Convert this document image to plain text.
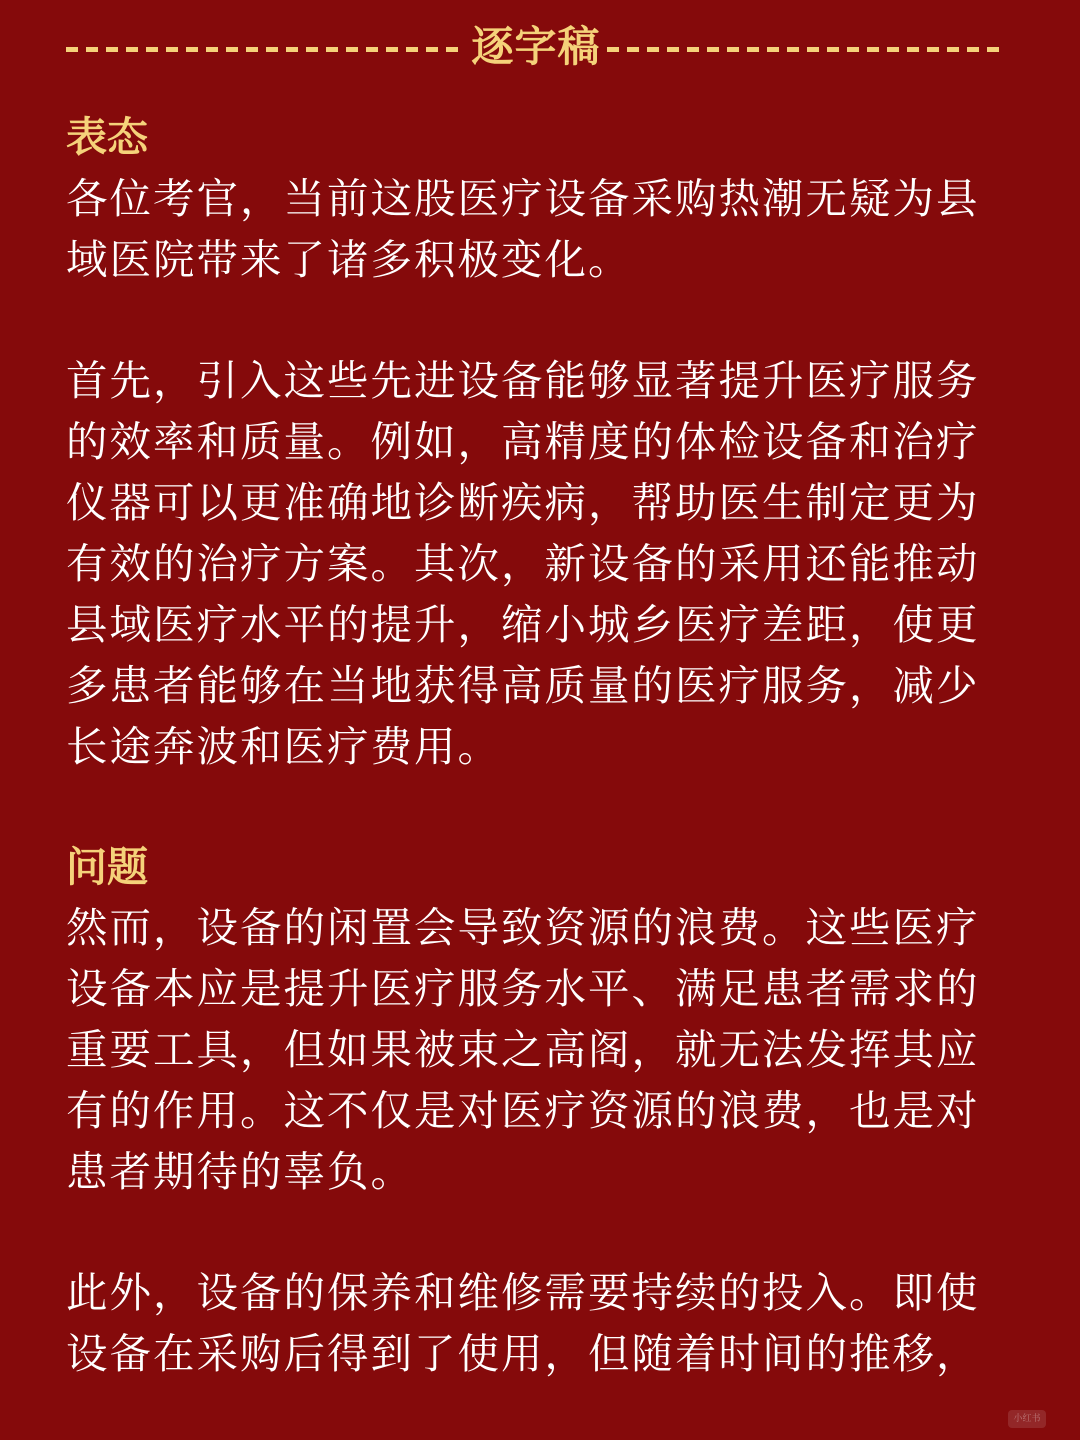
逐字稿
表态

各位考官，当前这股医疗设备采购热潮无疑为县域医院带来了诸多积极变化。

首先，引入这些先进设备能够显著提升医疗服务的效率和质量。例如，高精度的体检设备和治疗仪器可以更准确地诊断疾病，帮助医生制定更为有效的治疗方案。其次，新设备的采用还能推动县域医疗水平的提升，缩小城乡医疗差距，使更多患者能够在当地获得高质量的医疗服务，减少长途奔波和医疗费用。

问题

然而，设备的闲置会导致资源的浪费。这些医疗设备本应是提升医疗服务水平、满足患者需求的重要工具，但如果被束之高阁，就无法发挥其应有的作用。这不仅是对医疗资源的浪费，也是对患者期待的辜负。

此外，设备的保养和维修需要持续的投入。即使设备在采购后得到了使用，但随着时间的推移，

小红书
